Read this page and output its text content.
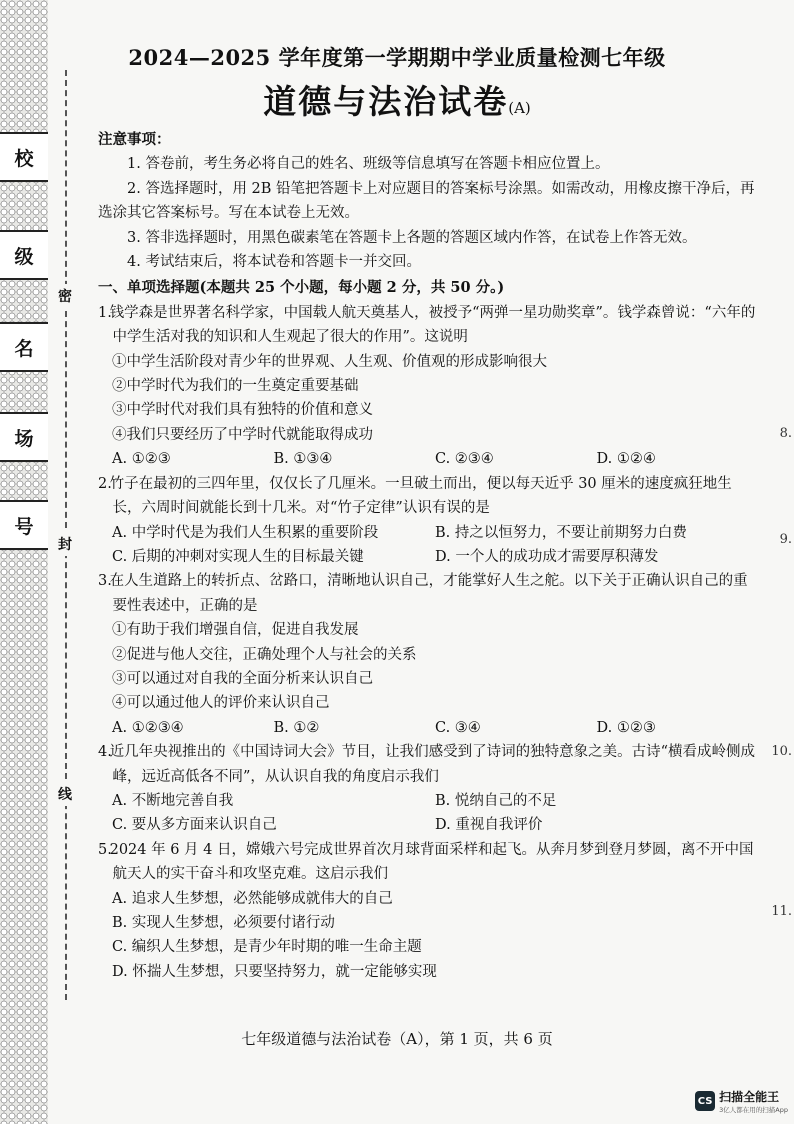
校
级
名
场
号
密
封
线
8.
9.
10.
11.
2024—2025 学年度第一学期期中学业质量检测七年级
道德与法治试卷(A)

注意事项：

1. 答卷前，考生务必将自己的姓名、班级等信息填写在答题卡相应位置上。

2. 答选择题时，用 2B 铅笔把答题卡上对应题目的答案标号涂黑。如需改动，用橡皮擦干净后，再选涂其它答案标号。写在本试卷上无效。

3. 答非选择题时，用黑色碳素笔在答题卡上各题的答题区域内作答，在试卷上作答无效。

4. 考试结束后，将本试卷和答题卡一并交回。

一、单项选择题(本题共 25 个小题，每小题 2 分，共 50 分。)

1.钱学森是世界著名科学家，中国载人航天奠基人，被授予“两弹一星功勋奖章”。钱学森曾说：“六年的中学生活对我的知识和人生观起了很大的作用”。这说明

①中学生活阶段对青少年的世界观、人生观、价值观的形成影响很大

②中学时代为我们的一生奠定重要基础

③中学时代对我们具有独特的价值和意义

④我们只要经历了中学时代就能取得成功

A. ①②③	B. ①③④	C. ②③④	D. ①②④

2.竹子在最初的三四年里，仅仅长了几厘米。一旦破土而出，便以每天近乎 30 厘米的速度疯狂地生长，六周时间就能长到十几米。对“竹子定律”认识有误的是

A. 中学时代是为我们人生积累的重要阶段	B. 持之以恒努力，不要让前期努力白费
C. 后期的冲刺对实现人生的目标最关键	D. 一个人的成功成才需要厚积薄发

3.在人生道路上的转折点、岔路口，清晰地认识自己，才能掌好人生之舵。以下关于正确认识自己的重要性表述中，正确的是

①有助于我们增强自信，促进自我发展

②促进与他人交往，正确处理个人与社会的关系

③可以通过对自我的全面分析来认识自己

④可以通过他人的评价来认识自己

A. ①②③④	B. ①②	C. ③④	D. ①②③

4.近几年央视推出的《中国诗词大会》节目，让我们感受到了诗词的独特意象之美。古诗“横看成岭侧成峰，远近高低各不同”，从认识自我的角度启示我们

A. 不断地完善自我	B. 悦纳自己的不足
C. 要从多方面来认识自己	D. 重视自我评价

5.2024 年 6 月 4 日，嫦娥六号完成世界首次月球背面采样和起飞。从奔月梦到登月梦圆，离不开中国航天人的实干奋斗和攻坚克难。这启示我们

A. 追求人生梦想，必然能够成就伟大的自己

B. 实现人生梦想，必须要付诸行动

C. 编织人生梦想，是青少年时期的唯一生命主题

D. 怀揣人生梦想，只要坚持努力，就一定能够实现

七年级道德与法治试卷（A），第 1 页，共 6 页
CS 扫描全能王
3亿人都在用的扫描App
